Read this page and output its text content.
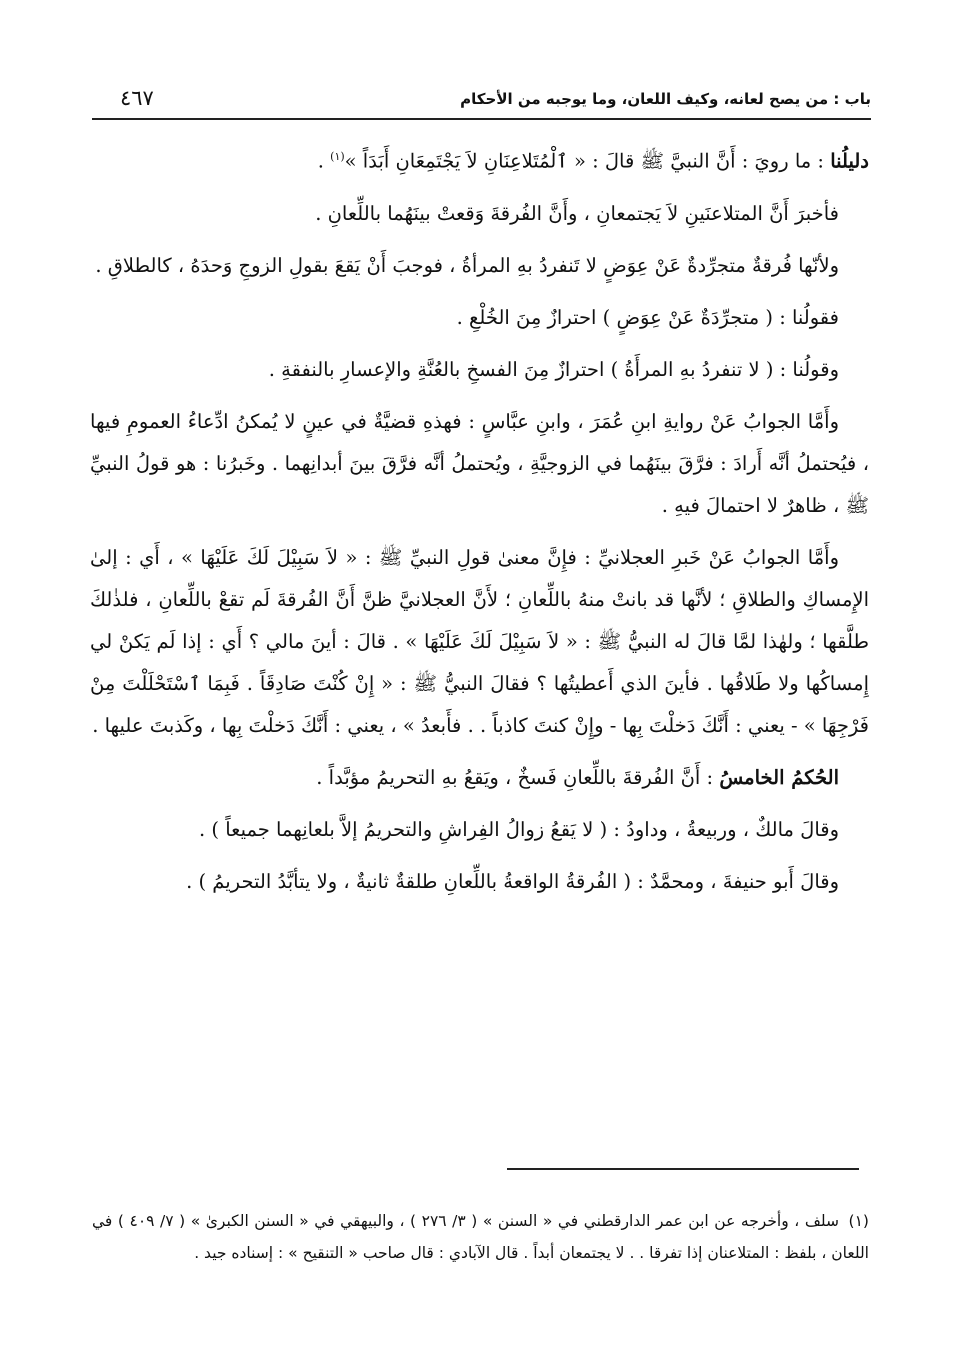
باب : من يصح لعانه، وكيف اللعان، وما يوجبه من الأحكام
٤٦٧

دليلُنا : ما رويَ : أَنَّ النبيَّ ﷺ قالَ : « ٱلْمُتَلاعِنَانِ لاَ يَجْتَمِعَانِ أَبَدَاً »$^{(١)}$ .

فأخبرَ أَنَّ المتلاعنَينِ لاَ يَجتمعانِ ، وأَنَّ الفُرقةَ وَقعتْ بينَهُما باللِّعانِ .

ولأنّها فُرقةٌ متجرِّدةٌ عَنْ عِوَضٍ لا تَنفردُ بهِ المرأةُ ، فوجبَ أَنْ يَقعَ بقولِ الزوجِ وَحدَهُ ، كالطلاقِ .

فقولُنا : ( متجرِّدَةٌ عَنْ عِوَضٍ ) احترازٌ مِنَ الخُلْعِ .

وقولُنا : ( لا تنفردُ بهِ المرأَةُ ) احترازٌ مِنَ الفسخِ بالعُنَّةِ والإعسارِ بالنفقةِ .

وأَمَّا الجوابُ عَنْ روايةِ ابنِ عُمَرَ ، وابنِ عبَّاسٍ : فهذهِ قضيَّةٌ في عينٍ لا يُمكنُ ادِّعاءُ العمومِ فيها ، فيُحتملُ أنَّه أَرادَ : فرَّقَ بينَهُما في الزوجيَّةِ ، ويُحتملُ أنَّه فرَّقَ بينَ أبدانِهما . وخَبرُنا : هو قولُ النبيِّ ﷺ ، ظاهرٌ لا احتمالَ فيهِ .

وأَمَّا الجوابُ عَنْ خَبرِ العجلانيِّ : فإِنَّ معنىٰ قولِ النبيِّ ﷺ : « لاَ سَبِيْلَ لَكَ عَلَيْهَا » ، أَي : إلىٰ الإِمساكِ والطلاقِ ؛ لأنَّها قد بانتْ منهُ باللِّعانِ ؛ لأَنَّ العجلانيَّ ظنَّ أَنَّ الفُرقةَ لَم تقعْ باللِّعانِ ، فلذٰلكَ طلَّقها ؛ ولهٰذا لمَّا قالَ له النبيُّ ﷺ : « لاَ سَبِيْلَ لَكَ عَلَيْهَا » . قالَ : أينَ مالي ؟ أَي : إذا لَم يَكنْ لي إِمساكُها ولا طَلاقُها . فأينَ الذي أَعطيتُها ؟ فقالَ النبيُّ ﷺ : « إِنْ كُنْتَ صَادِقَاً . فَبِمَا ٱسْتَحْلَلْتَ مِنْ فَرْجِهَا » - يعني : أَنَّكَ دَخلْتَ بِها - وإِنْ كنتَ كاذباً . . فأَبعدُ » ، يعني : أَنَّكَ دَخلْتَ بِها ، وكَذبتَ عليها .

الحُكمُ الخامسُ : أَنَّ الفُرقةَ باللِّعانِ فَسخٌ ، ويَقعُ بهِ التحريمُ مؤبَّداً .

وقالَ مالكٌ ، وربيعةُ ، وداودُ : ( لا يَقعُ زوالُ الفِراشِ والتحريمُ إلاَّ بلعانِهما جميعاً ) .

وقالَ أَبو حنيفةَ ، ومحمَّدٌ : ( الفُرقةُ الواقعةُ باللِّعانِ طلقةٌ ثانيةٌ ، ولا يتأبَّدُ التحريمُ ) .

(١)سلف ، وأخرجه عن ابن عمر الدارقطني في « السنن » ( ٣/ ٢٧٦ ) ، والبيهقي في « السنن الكبرىٰ » ( ٧/ ٤٠٩ ) في اللعان ، بلفظ : المتلاعنان إذا تفرقا . . لا يجتمعان أبداً . قال الآبادي : قال صاحب « التنقيح » : إسناده جيد .
